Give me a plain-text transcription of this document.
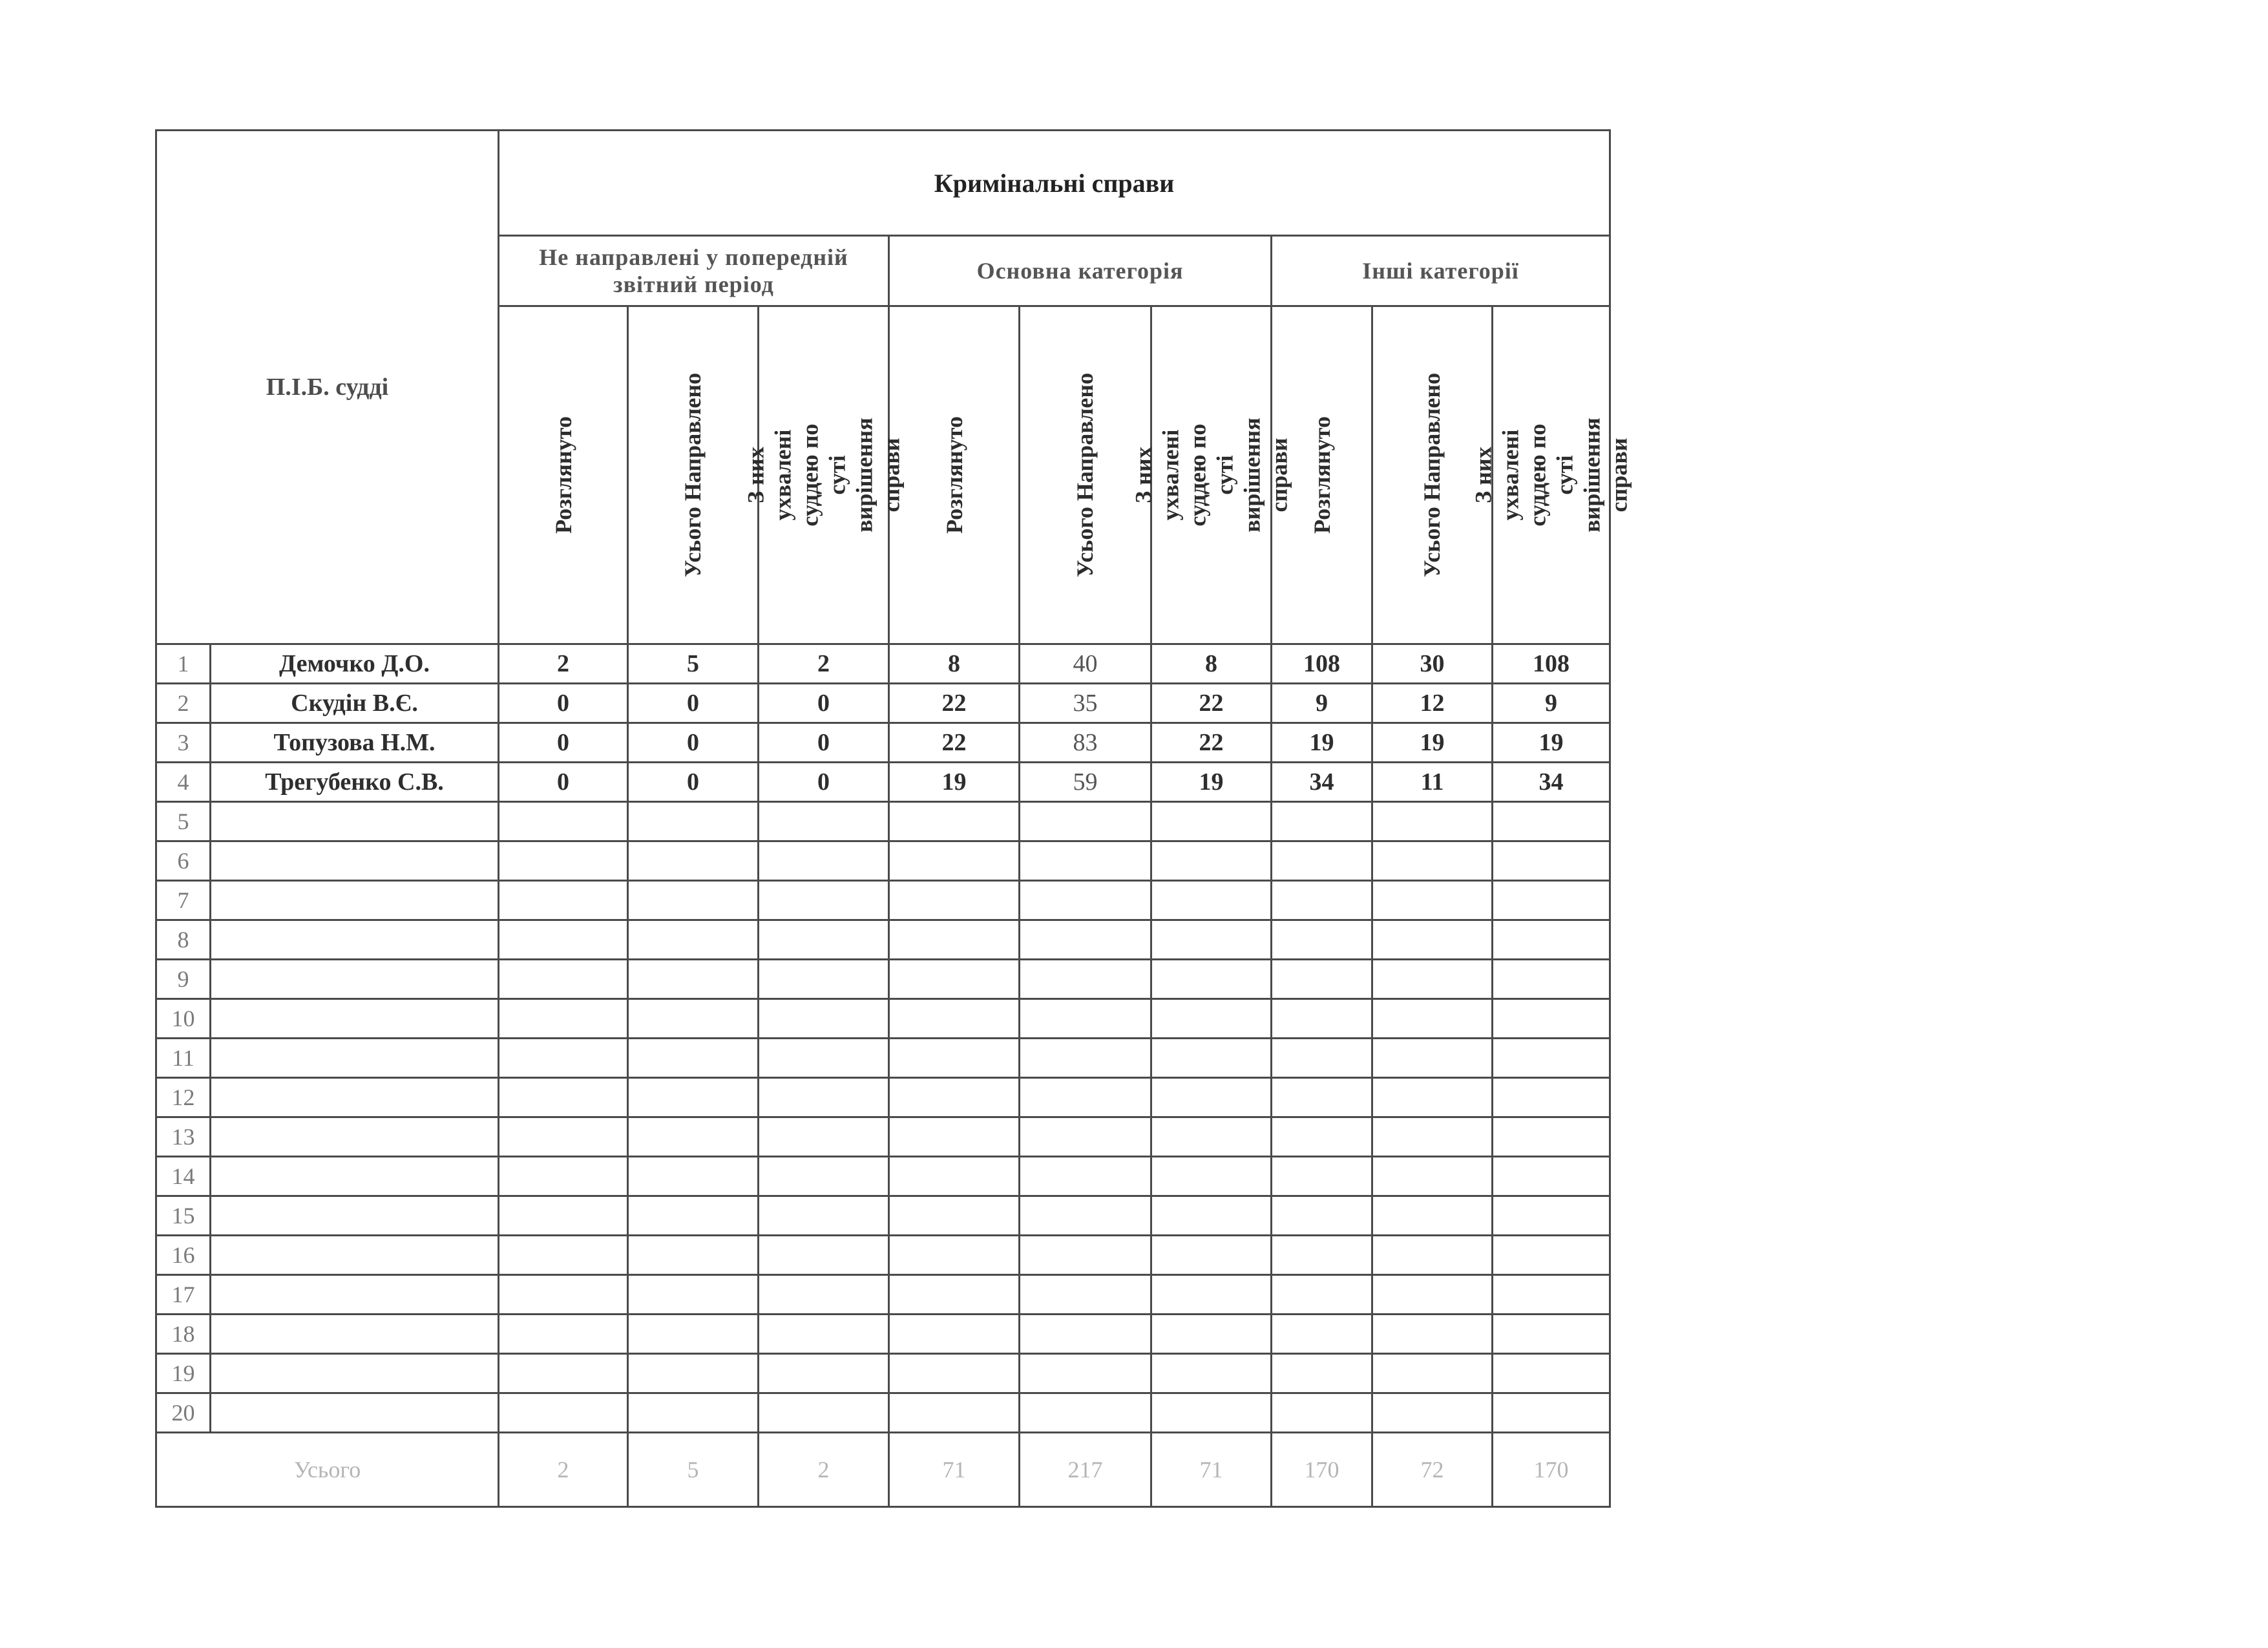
П.І.Б. судді		Кримінальні справи								
		Не направлені у попередній звітний період			Основна категорія			Інші категорії		

		Розглянуто	Усього Направлено	З них ухвалені суддею по суті вирішення справи	Розглянуто	Усього Направлено	З них ухвалені суддею по суті вирішення справи	Розглянуто	Усього Направлено	З них ухвалені суддею по суті вирішення справи

1	Демочко Д.О.	2	5	2	8	40	8	108	30	108
2	Скудін В.Є.	0	0	0	22	35	22	9	12	9
3	Топузова Н.М.	0	0	0	22	83	22	19	19	19
4	Трегубенко С.В.	0	0	0	19	59	19	34	11	34
5										
6										
7										
8										
9										
10										
11										
12										
13										
14										
15										
16										
17										
18										
19										
20										
Усього		2	5	2	71	217	71	170	72	170
